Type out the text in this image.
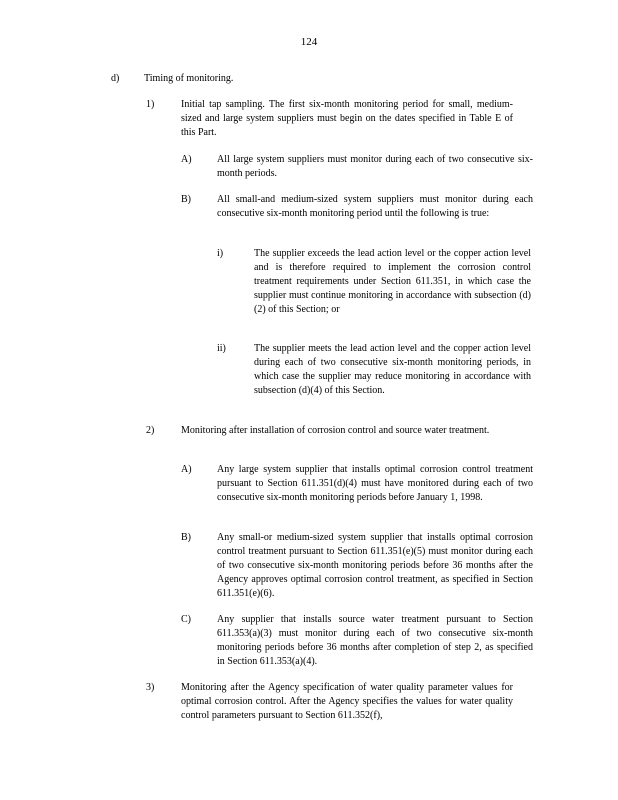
124
d) Timing of monitoring.
1)	Initial tap sampling. The first six-month monitoring period for small, medium-sized and large system suppliers must begin on the dates specified in Table E of this Part.
A)	All large system suppliers must monitor during each of two consecutive six-month periods.
B)	All small-and medium-sized system suppliers must monitor during each consecutive six-month monitoring period until the following is true:
i)	The supplier exceeds the lead action level or the copper action level and is therefore required to implement the corrosion control treatment requirements under Section 611.351, in which case the supplier must continue monitoring in accordance with subsection (d)(2) of this Section; or
ii)	The supplier meets the lead action level and the copper action level during each of two consecutive six-month monitoring periods, in which case the supplier may reduce monitoring in accordance with subsection (d)(4) of this Section.
2)	Monitoring after installation of corrosion control and source water treatment.
A)	Any large system supplier that installs optimal corrosion control treatment pursuant to Section 611.351(d)(4) must have monitored during each of two consecutive six-month monitoring periods before January 1, 1998.
B)	Any small-or medium-sized system supplier that installs optimal corrosion control treatment pursuant to Section 611.351(e)(5) must monitor during each of two consecutive six-month monitoring periods before 36 months after the Agency approves optimal corrosion control treatment, as specified in Section 611.351(e)(6).
C)	Any supplier that installs source water treatment pursuant to Section 611.353(a)(3) must monitor during each of two consecutive six-month monitoring periods before 36 months after completion of step 2, as specified in Section 611.353(a)(4).
3)	Monitoring after the Agency specification of water quality parameter values for optimal corrosion control. After the Agency specifies the values for water quality control parameters pursuant to Section 611.352(f),
